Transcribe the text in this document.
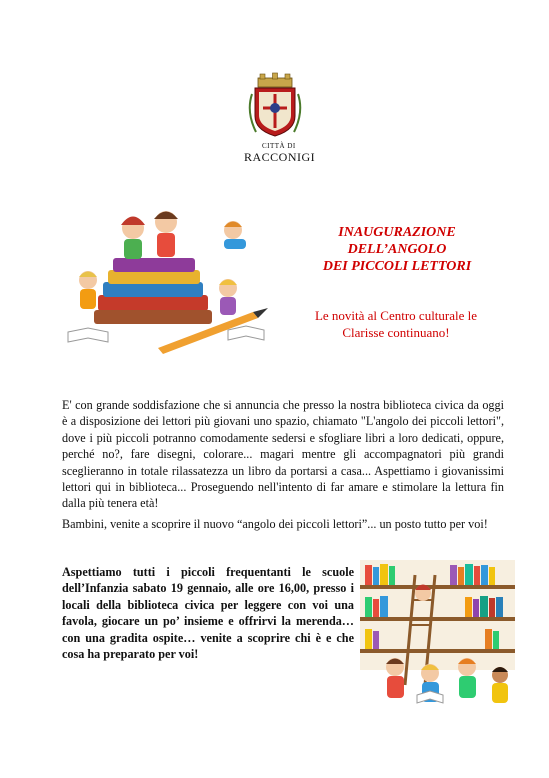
CITTÀ DI
RACCONIGI
INAUGURAZIONE
DELL’ANGOLO
DEI PICCOLI LETTORI
Le novità al Centro culturale le
Clarisse continuano!
E' con grande soddisfazione che si annuncia che presso la nostra biblioteca civica da oggi è a disposizione dei lettori più giovani uno spazio, chiamato "L'angolo dei piccoli lettori", dove i più piccoli potranno comodamente sedersi e sfogliare libri a loro dedicati, oppure, perché no?, fare disegni, colorare... magari mentre gli accompagnatori più grandi sceglieranno in totale rilassatezza un libro da portarsi a casa... Aspettiamo i giovanissimi lettori qui in biblioteca... Proseguendo nell'intento di far amare e stimolare la lettura fin dalla più tenera età!
Bambini, venite a scoprire il nuovo “angolo dei piccoli lettori”... un posto tutto per voi!
Aspettiamo tutti i piccoli frequentanti le scuole dell’Infanzia sabato 19 gennaio, alle ore 16,00, presso i locali della biblioteca civica per leggere con voi una favola, giocare un po’ insieme e offrirvi la merenda… con una gradita ospite… venite a scoprire chi è e che cosa ha preparato per voi!
